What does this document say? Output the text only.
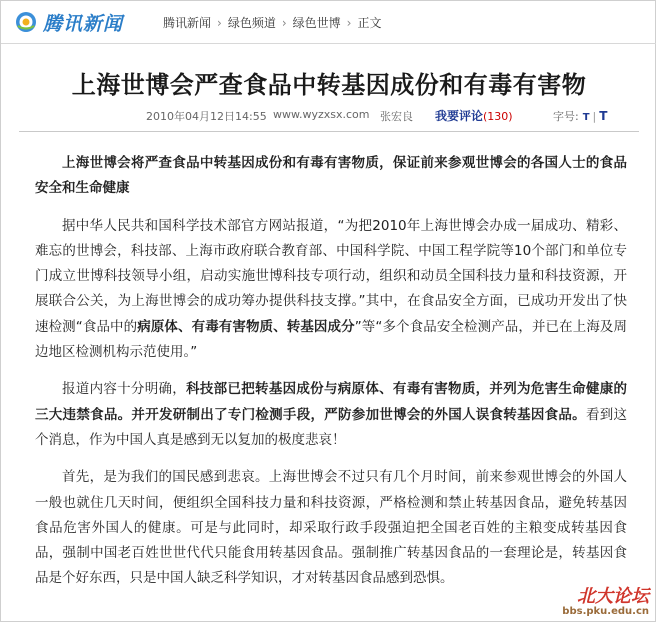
腾讯新闻	腾讯新闻 › 绿色频道 › 绿色世博 › 正文
上海世博会严查食品中转基因成份和有毒有害物
2010年04月12日14:55 www.wyzxsx.com 张宏良 我要评论(130)	字号: T | T

上海世博会将严查食品中转基因成份和有毒有害物质，保证前来参观世博会的各国人士的食品安全和生命健康

据中华人民共和国科学技术部官方网站报道，“为把2010年上海世博会办成一届成功、精彩、难忘的世博会，科技部、上海市政府联合教育部、中国科学院、中国工程学院等10个部门和单位专门成立世博科技领导小组，启动实施世博科技专项行动，组织和动员全国科技力量和科技资源，开展联合公关，为上海世博会的成功筹办提供科技支撑。”其中，在食品安全方面，已成功开发出了快速检测“食品中的病原体、有毒有害物质、转基因成分”等“多个食品安全检测产品，并已在上海及周边地区检测机构示范使用。”

报道内容十分明确，科技部已把转基因成份与病原体、有毒有害物质，并列为危害生命健康的三大违禁食品。并开发研制出了专门检测手段，严防参加世博会的外国人误食转基因食品。看到这个消息，作为中国人真是感到无以复加的极度悲哀！

首先，是为我们的国民感到悲哀。上海世博会不过只有几个月时间，前来参观世博会的外国人一般也就住几天时间，便组织全国科技力量和科技资源，严格检测和禁止转基因食品，避免转基因食品危害外国人的健康。可是与此同时，却采取行政手段强迫把全国老百姓的主粮变成转基因食品，强制中国老百姓世世代代只能食用转基因食品。强制推广转基因食品的一套理论是，转基因食品是个好东西，只是中国人缺乏科学知识，才对转基因食品感到恐惧。

北大论坛
bbs.pku.edu.cn
